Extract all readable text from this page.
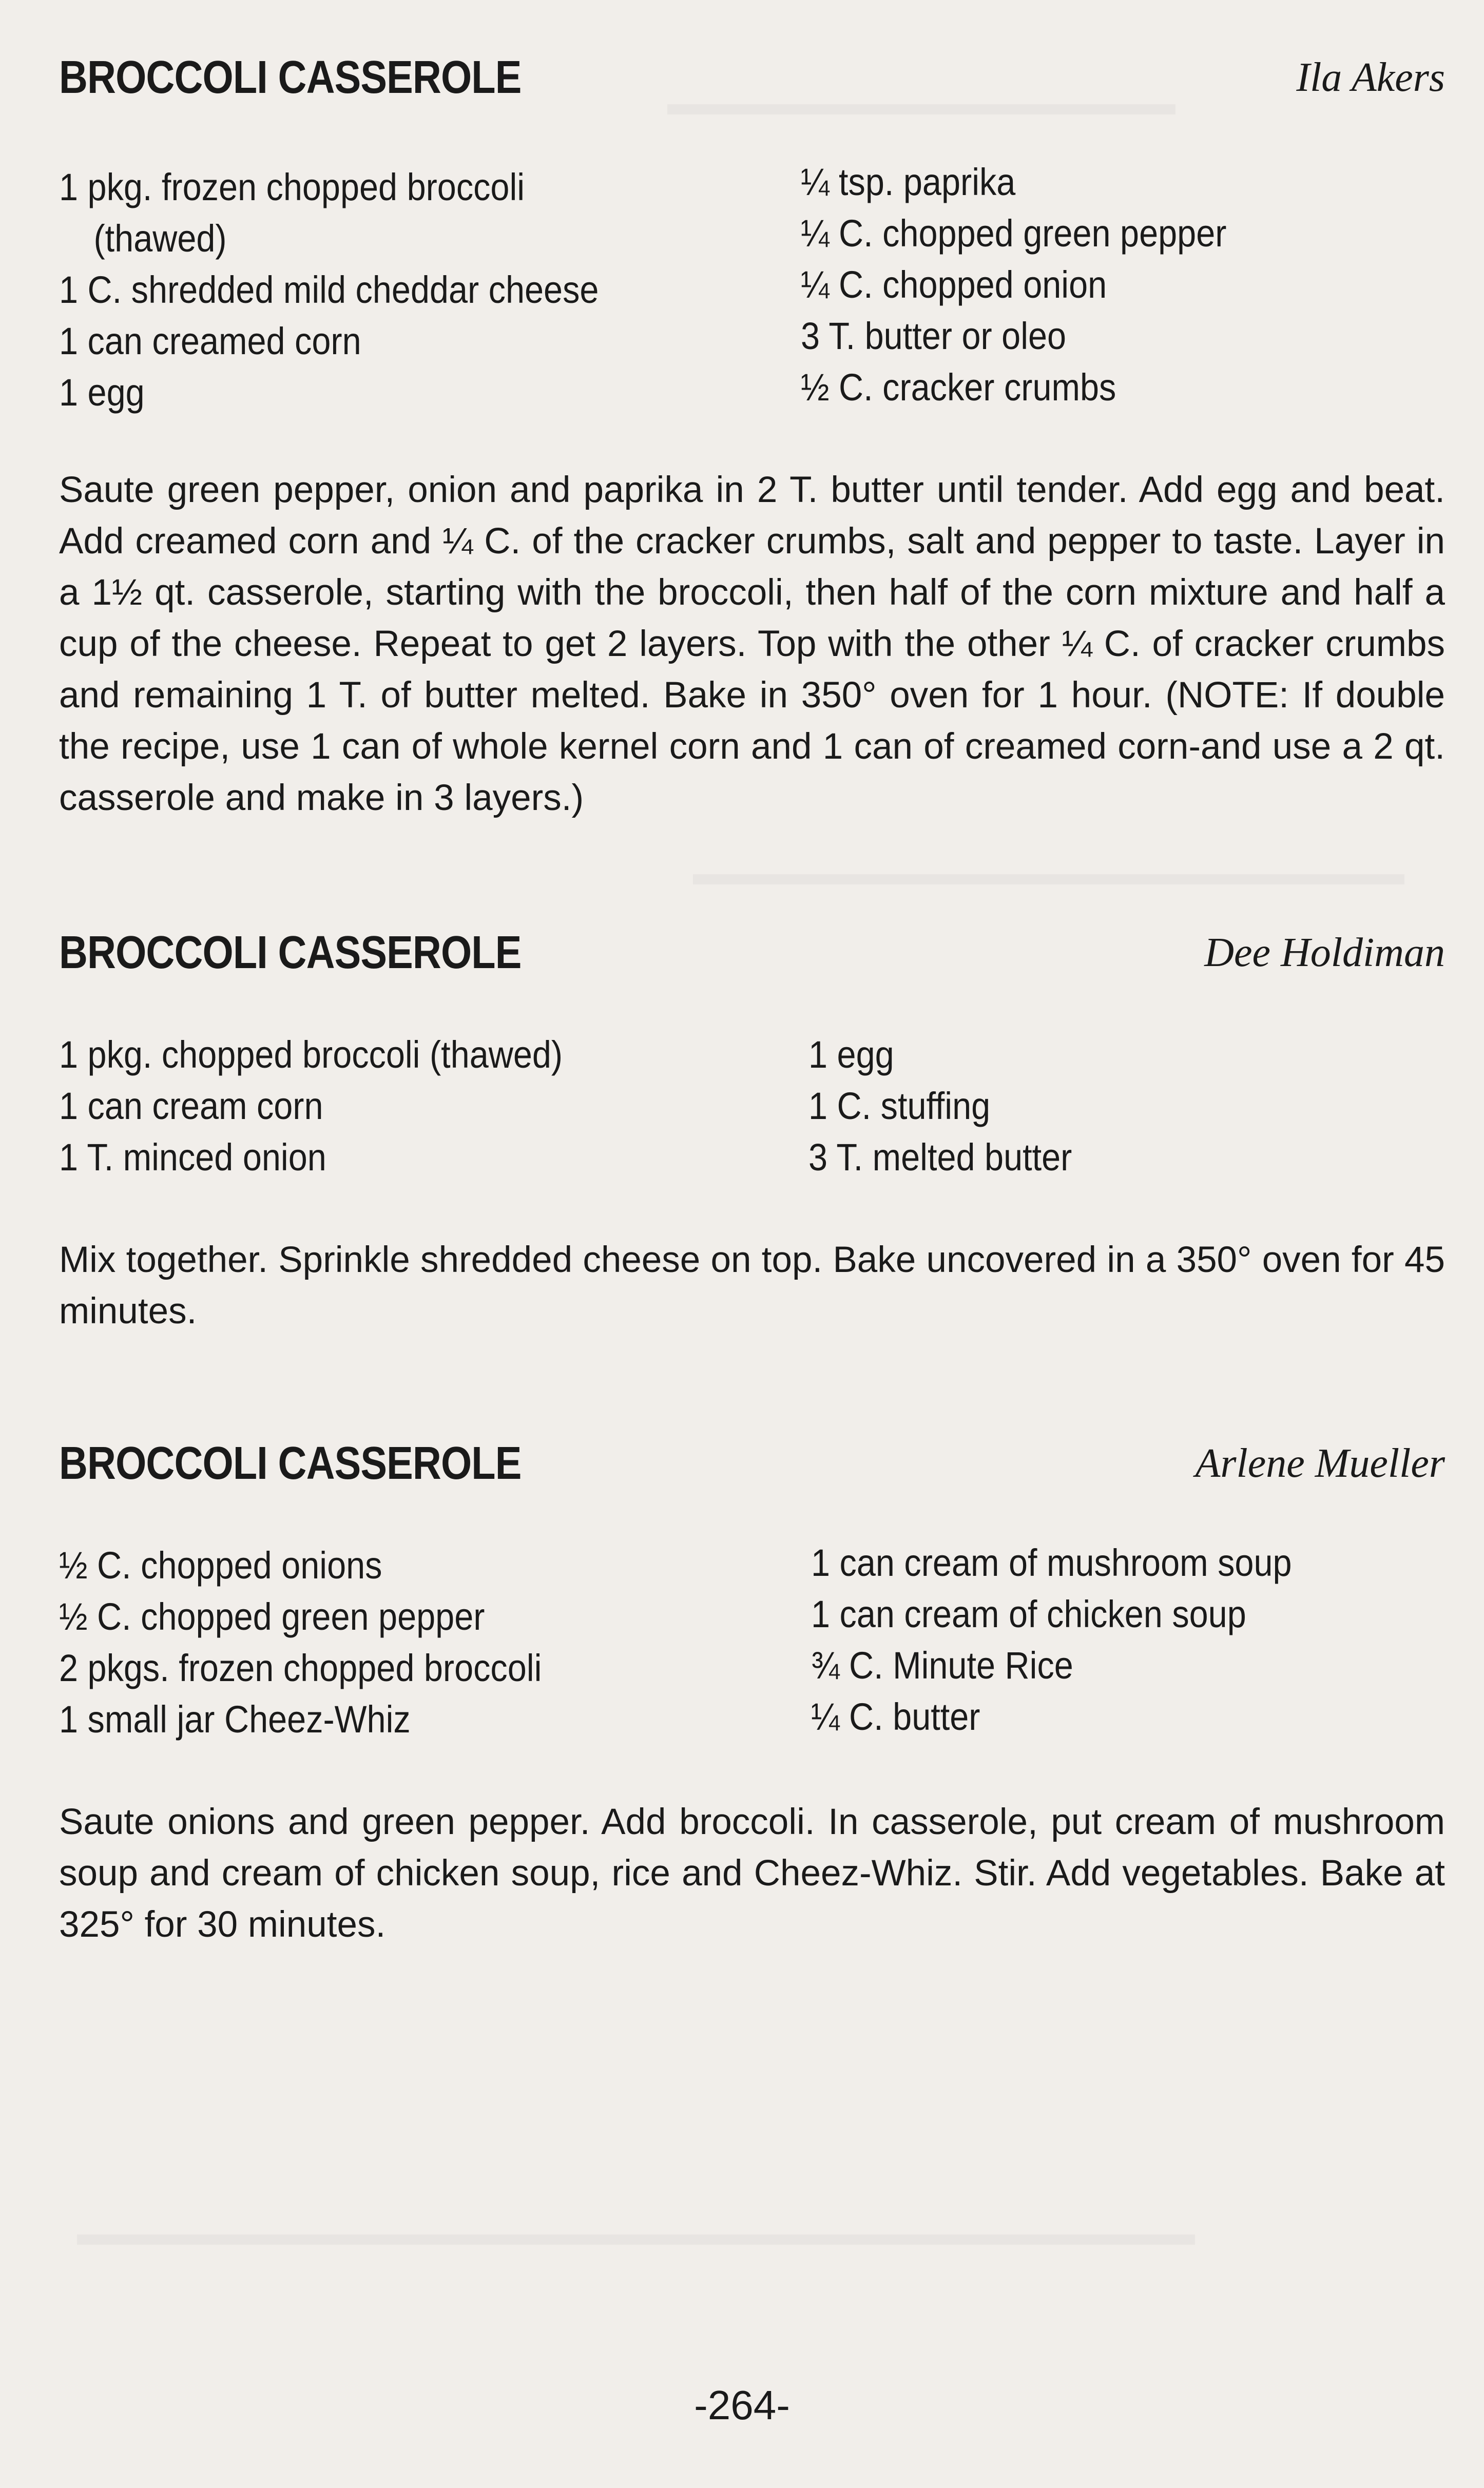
▬▬▬▬▬▬▬▬▬▬▬▬▬▬▬
▬▬▬▬▬▬▬▬▬▬▬▬▬▬▬▬▬▬▬▬▬
▬▬▬▬▬▬▬▬▬▬▬▬▬▬▬▬▬▬▬▬▬▬▬▬▬▬▬▬▬▬▬▬▬
BROCCOLI CASSEROLE	Ila Akers
1 pkg. frozen chopped broccoli
(thawed)
1 C. shredded mild cheddar cheese
1 can creamed corn
1 egg
¼ tsp. paprika
¼ C. chopped green pepper
¼ C. chopped onion
3 T. butter or oleo
½ C. cracker crumbs
Saute green pepper, onion and paprika in 2 T. butter until tender. Add egg and beat. Add creamed corn and ¼ C. of the cracker crumbs, salt and pepper to taste. Layer in a 1½ qt. casserole, starting with the broccoli, then half of the corn mixture and half a cup of the cheese. Repeat to get 2 layers. Top with the other ¼ C. of cracker crumbs and remaining 1 T. of butter melted. Bake in 350° oven for 1 hour. (NOTE: If double the recipe, use 1 can of whole kernel corn and 1 can of creamed corn-and use a 2 qt. casserole and make in 3 layers.)
BROCCOLI CASSEROLE	Dee Holdiman
1 pkg. chopped broccoli (thawed)
1 can cream corn
1 T. minced onion
1 egg
1 C. stuffing
3 T. melted butter
Mix together. Sprinkle shredded cheese on top. Bake uncovered in a 350° oven for 45 minutes.
BROCCOLI CASSEROLE	Arlene Mueller
½ C. chopped onions
½ C. chopped green pepper
2 pkgs. frozen chopped broccoli
1 small jar Cheez-Whiz
1 can cream of mushroom soup
1 can cream of chicken soup
¾ C. Minute Rice
¼ C. butter
Saute onions and green pepper. Add broccoli. In casserole, put cream of mushroom soup and cream of chicken soup, rice and Cheez-Whiz. Stir. Add vegetables. Bake at 325° for 30 minutes.
-264-
